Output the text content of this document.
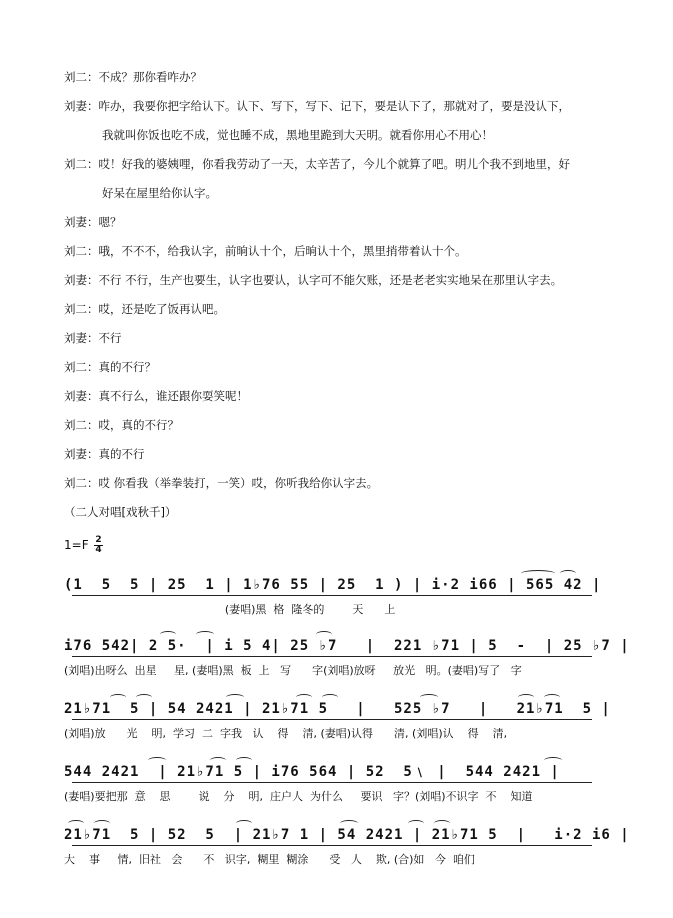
刘二：不成？那你看咋办？
刘妻：咋办，我要你把字给认下。认下、写下，写下、记下，要是认下了，那就对了，要是没认下，
我就叫你饭也吃不成，觉也睡不成，黑地里跪到大天明。就看你用心不用心！
刘二：哎！好我的婆姨哩，你看我劳动了一天，太辛苦了，今儿个就算了吧。明儿个我不到地里，好
好呆在屋里给你认字。
刘妻：嗯？
刘二：哦，不不不，给我认字，前晌认十个，后晌认十个，黑里捎带着认十个。
刘妻：不行 不行，生产也要生，认字也要认，认字可不能欠账，还是老老实实地呆在那里认字去。
刘二：哎，还是吃了饭再认吧。
刘妻：不行
刘二：真的不行？
刘妻：真不行么，谁还跟你耍笑呢！
刘二：哎，真的不行？
刘妻：真的不行
刘二：哎 你看我（举拳装打，一笑）哎，你听我给你认字去。
（二人对唱[戏秋千]）
$1=F \frac{2}{4}$
(1  5  5 | 25  1 | 1♭76 55 | 25  1 ) | i·2 i66 | 565 42 |
(妻唱)黑  格  隆冬的        天      上
i76 542| 2 5·  | i 5 4| 25 ♭7   |  221 ♭71 | 5  -  | 25 ♭7 |
(刘唱)出呀么  出星     星, (妻唱)黑  板  上   写      字(刘唱)放呀     放光   明。(妻唱)写了   字
21♭71  5 | 54 2421 | 21♭71 5   |   525 ♭7   |   21♭71  5 |
(刘唱)放      光    明,  学习  二  字我   认    得    清, (妻唱)认得      清, (刘唱)认    得    清,
544 2421  | 21♭71 5 | i76 564 | 52  5﹨ |  544 2421 |
(妻唱)要把那  意    思        说    分    明,  庄户人  为什么     要识   字？(刘唱)不识字  不    知道
21♭71  5 | 52  5  | 21♭7 1 | 54 2421 | 21♭71 5  |   i·2 i6 |
大    事     情,  旧社   会      不   识字,  糊里  糊涂      受   人    欺, (合)如   今  咱们
